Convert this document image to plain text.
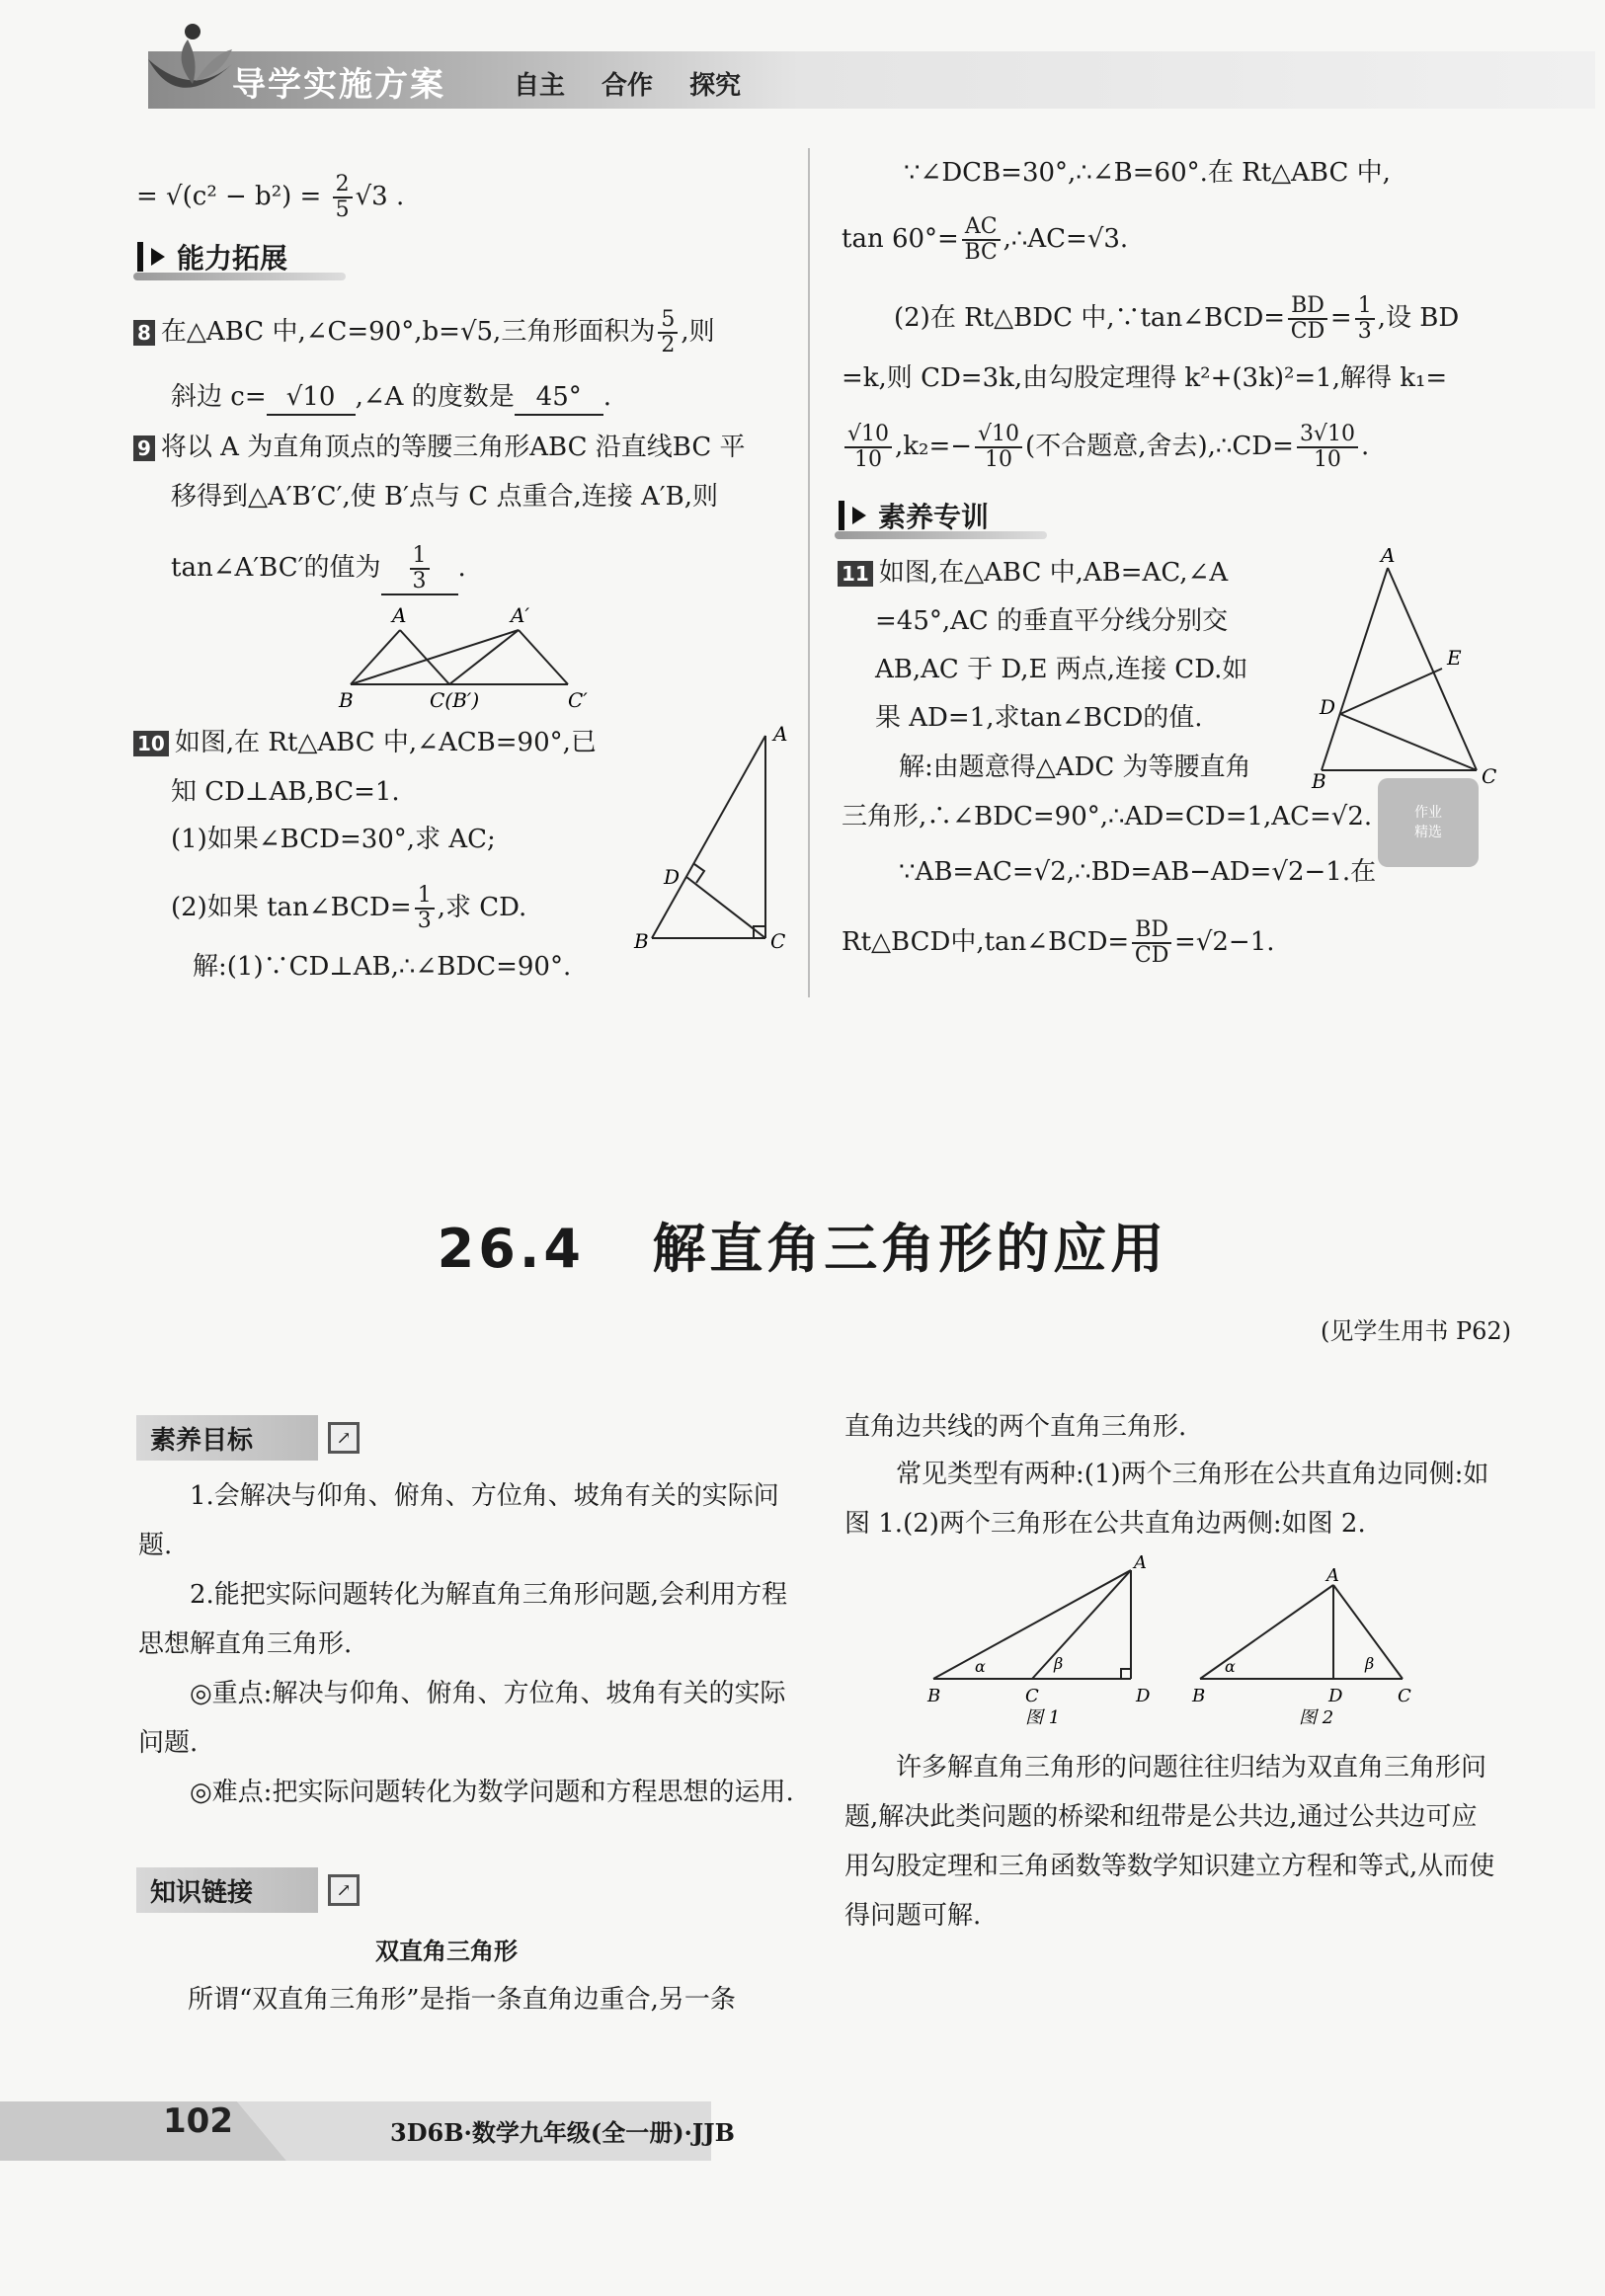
导学实施方案	自主 合作 探究
= $√(c^2 - b^2) = \frac{2}{5} √3$ .
能力拓展
8 在△ABC 中,∠C=90°,b=√5,三角形面积为 $\frac{5}{2}$ ,则
斜边 c= √10 ,∠A 的度数是 45° .
9 将以 A 为直角顶点的等腰三角形ABC 沿直线BC 平
移得到△A′B′C′,使 B′点与 C 点重合,连接 A′B,则
tan∠A′BC′的值为 $\frac{1}{3}$ .
A	A′
B	C(B′)	C′
10 如图,在 Rt△ABC 中,∠ACB=90°,已
知 CD⊥AB,BC=1.
(1)如果∠BCD=30°,求 AC;
(2)如果 tan∠BCD= $\frac{1}{3}$ ,求 CD.
解:(1)∵CD⊥AB,∴∠BDC=90°.
A
D
B	C
∵∠DCB=30°,∴∠B=60°.在 Rt△ABC 中,
$\tan 60^\circ= \frac{AC}{BC}$ ,∴AC=√3.
(2)在 Rt△BDC 中,∵tan∠BCD= $\frac{BD}{CD} = \frac{1}{3}$ ,设 BD
=k,则 CD=3k,由勾股定理得 k²+(3k)²=1,解得 k₁=
$\frac{√10}{10} ,k_2=- \frac{√10}{10}$ (不合题意,舍去),∴CD= $\frac{3√10}{10}$ .
素养专训
11 如图,在△ABC 中,AB=AC,∠A
=45°,AC 的垂直平分线分别交
AB,AC 于 D,E 两点,连接 CD.如
果 AD=1,求tan∠BCD的值.
解:由题意得△ADC 为等腰直角
三角形,∴∠BDC=90°,∴AD=CD=1,AC=√2.
∵AB=AC=√2,∴BD=AB−AD=√2−1.在
Rt△BCD中,tan∠BCD= $\frac{BD}{CD} =√2-1$.
A
E
D
B	C
作业
精选
26.4 解直角三角形的应用
(见学生用书 P62)
素养目标	↗
1.会解决与仰角、俯角、方位角、坡角有关的实际问题.
2.能把实际问题转化为解直角三角形问题,会利用方程思想解直角三角形.
◎重点:解决与仰角、俯角、方位角、坡角有关的实际问题.
◎难点:把实际问题转化为数学问题和方程思想的运用.
知识链接	↗
双直角三角形
所谓“双直角三角形”是指一条直角边重合,另一条
直角边共线的两个直角三角形.
常见类型有两种:(1)两个三角形在公共直角边同侧:如图 1.(2)两个三角形在公共直角边两侧:如图 2.
A
α	β
B	C	D
A
α	β
B	D	C
图 1	图 2
许多解直角三角形的问题往往归结为双直角三角形问题,解决此类问题的桥梁和纽带是公共边,通过公共边可应用勾股定理和三角函数等数学知识建立方程和等式,从而使得问题可解.
102	3D6B·数学九年级(全一册)·JJB
